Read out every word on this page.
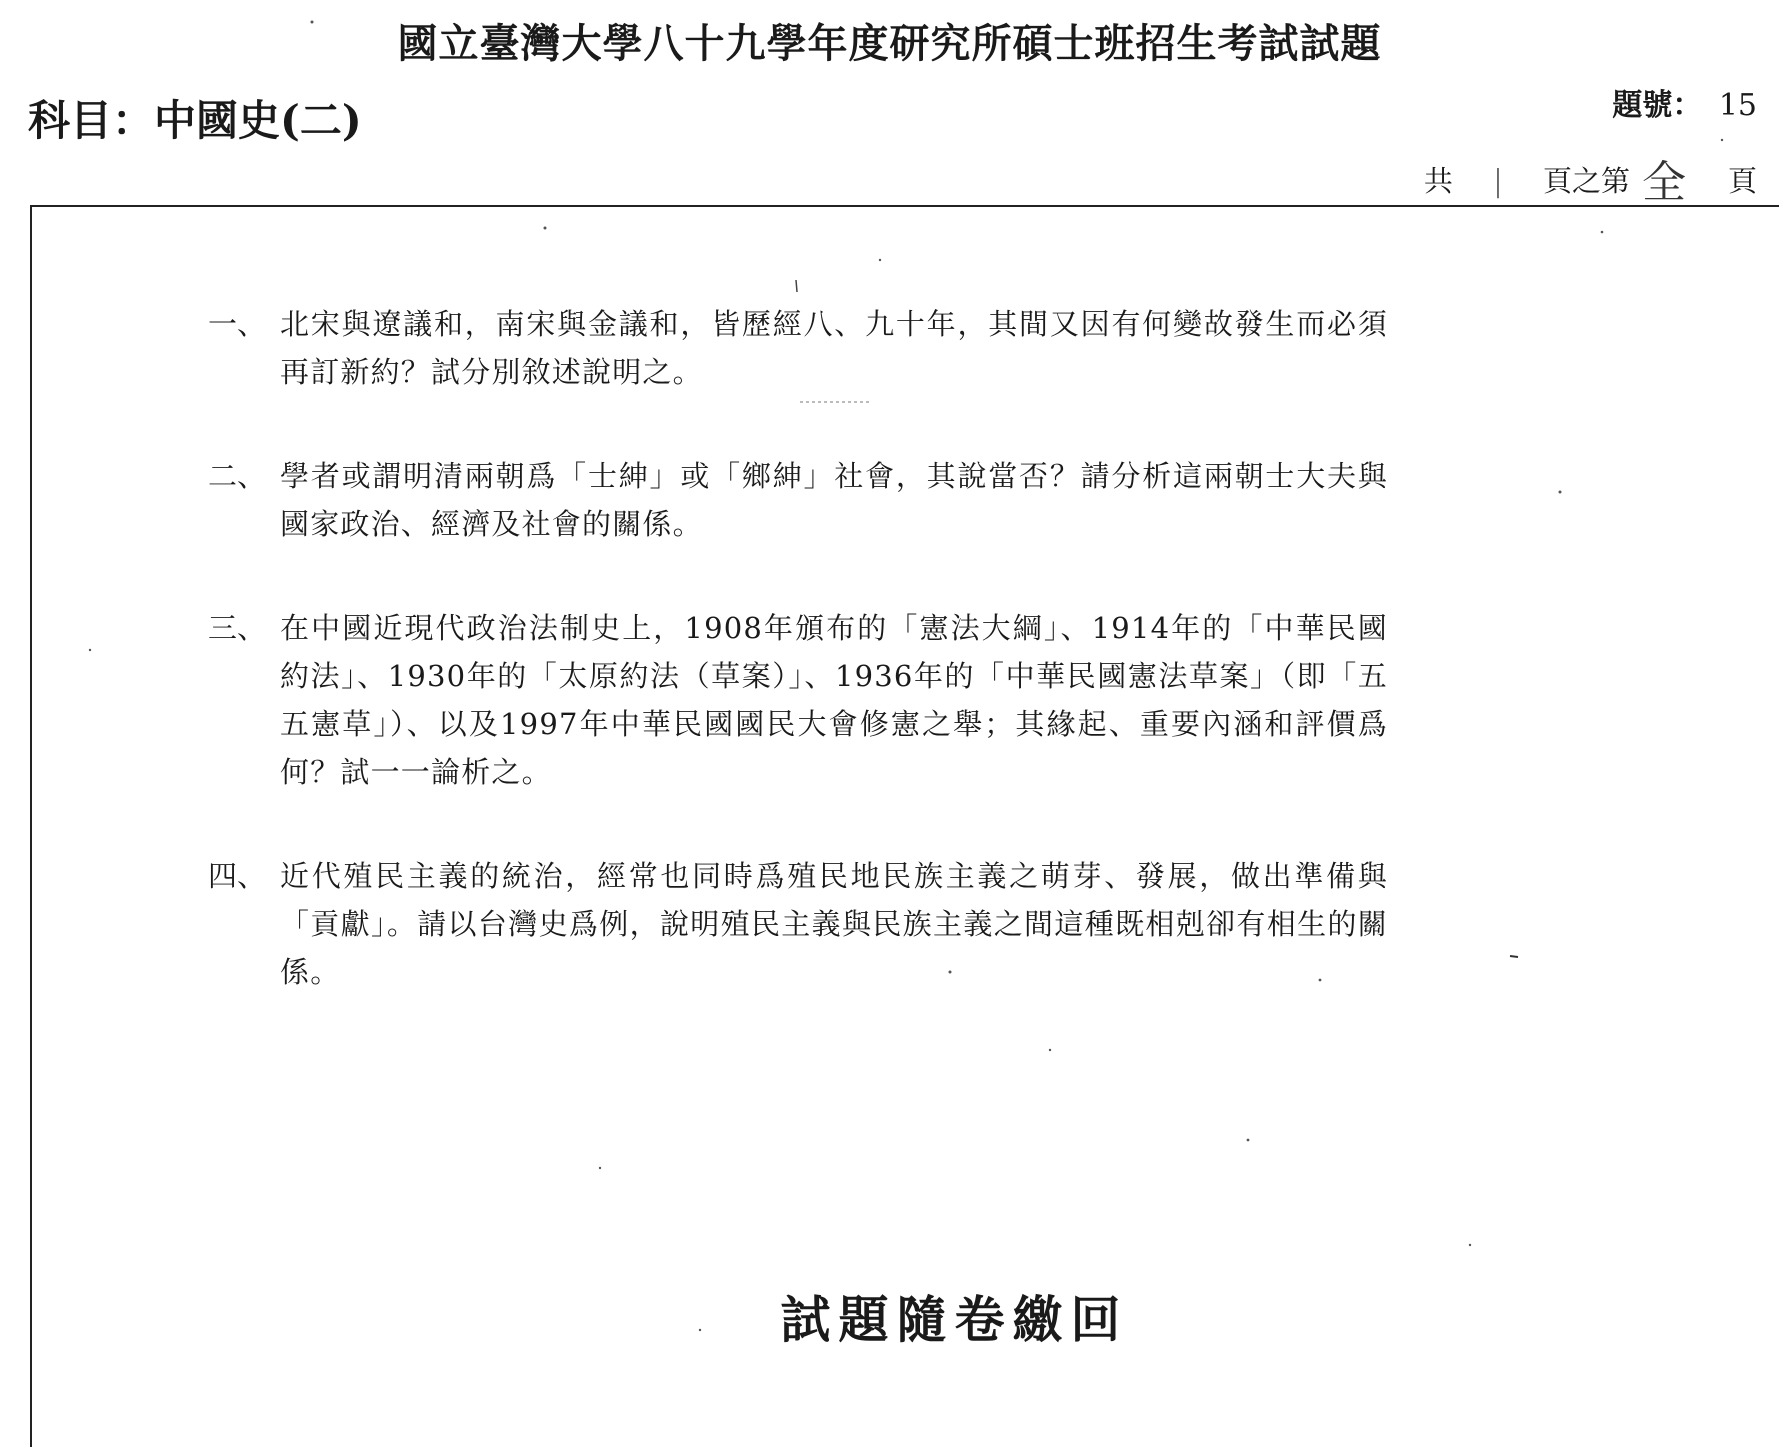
國立臺灣大學八十九學年度研究所碩士班招生考試試題
科目：中國史(二)	題號： 15
共 | 頁之第 全 頁
一、 北宋與遼議和，南宋與金議和，皆歷經八、九十年，其間又因有何變故發生而必須再訂新約？試分別敘述說明之。
二、 學者或謂明清兩朝爲「士紳」或「鄉紳」社會，其說當否？請分析這兩朝士大夫與國家政治、經濟及社會的關係。
三、 在中國近現代政治法制史上，1908年頒布的「憲法大綱」、1914年的「中華民國約法」、1930年的「太原約法（草案）」、1936年的「中華民國憲法草案」（即「五五憲草」）、以及1997年中華民國國民大會修憲之舉；其緣起、重要內涵和評價爲何？試一一論析之。
四、 近代殖民主義的統治，經常也同時爲殖民地民族主義之萌芽、發展，做出準備與「貢獻」。請以台灣史爲例，說明殖民主義與民族主義之間這種既相剋卻有相生的關係。
試題隨卷繳回
